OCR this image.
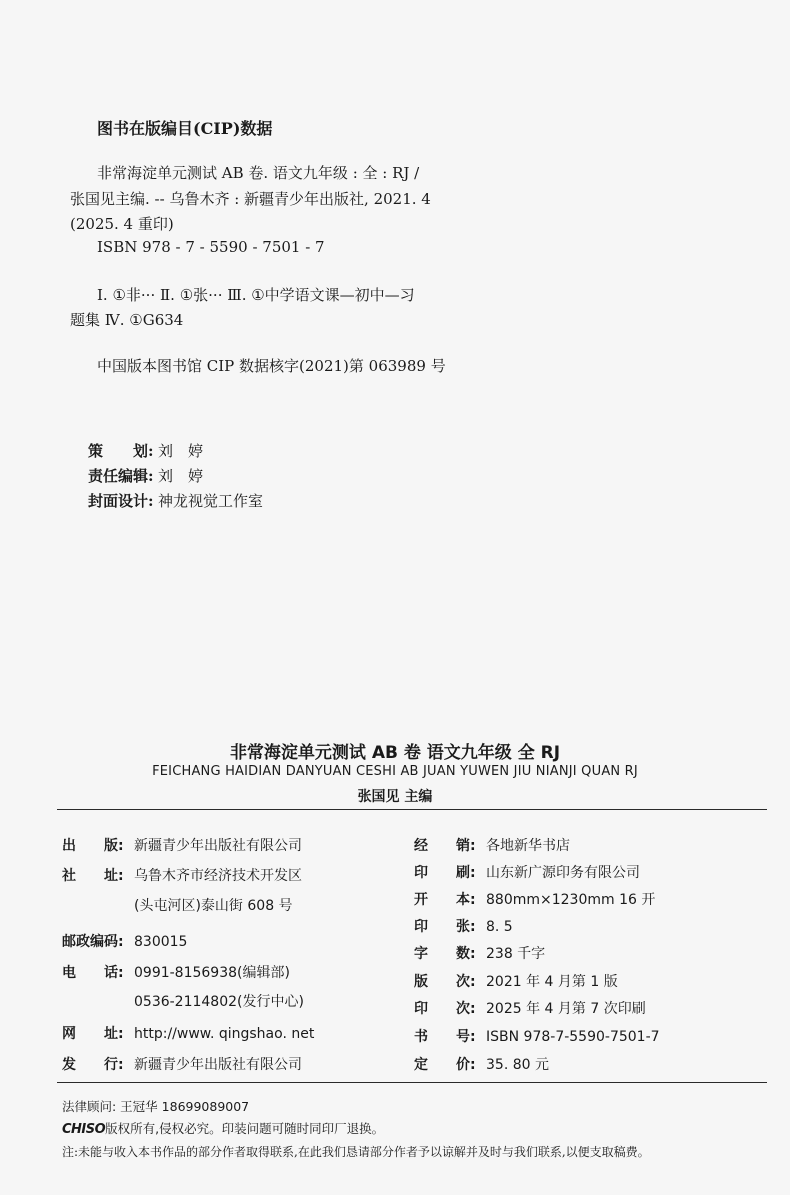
图书在版编目(CIP)数据
非常海淀单元测试 AB 卷. 语文九年级 : 全 : RJ /
张国见主编. -- 乌鲁木齐 : 新疆青少年出版社, 2021. 4
(2025. 4 重印)
ISBN 978 - 7 - 5590 - 7501 - 7
Ⅰ. ①非··· Ⅱ. ①张··· Ⅲ. ①中学语文课—初中—习
题集 Ⅳ. ①G634
中国版本图书馆 CIP 数据核字(2021)第 063989 号
策　　划: 刘　婷
责任编辑: 刘　婷
封面设计: 神龙视觉工作室
非常海淀单元测试 AB 卷 语文九年级 全 RJ
FEICHANG HAIDIAN DANYUAN CESHI AB JUAN YUWEN JIU NIANJI QUAN RJ
张国见 主编
出　　版: 新疆青少年出版社有限公司
社　　址: 乌鲁木齐市经济技术开发区
(头屯河区)泰山街 608 号
邮政编码: 830015
电　　话: 0991-8156938(编辑部)
0536-2114802(发行中心)
网　　址: http://www. qingshao. net
发　　行: 新疆青少年出版社有限公司
经　　销: 各地新华书店
印　　刷: 山东新广源印务有限公司
开　　本: 880mm×1230mm 16 开
印　　张: 8. 5
字　　数: 238 千字
版　　次: 2021 年 4 月第 1 版
印　　次: 2025 年 4 月第 7 次印刷
书　　号: ISBN 978-7-5590-7501-7
定　　价: 35. 80 元
法律顾问: 王冠华 18699089007
CHISO版权所有,侵权必究。印装问题可随时同印厂退换。
注:未能与收入本书作品的部分作者取得联系,在此我们恳请部分作者予以谅解并及时与我们联系,以便支取稿费。
